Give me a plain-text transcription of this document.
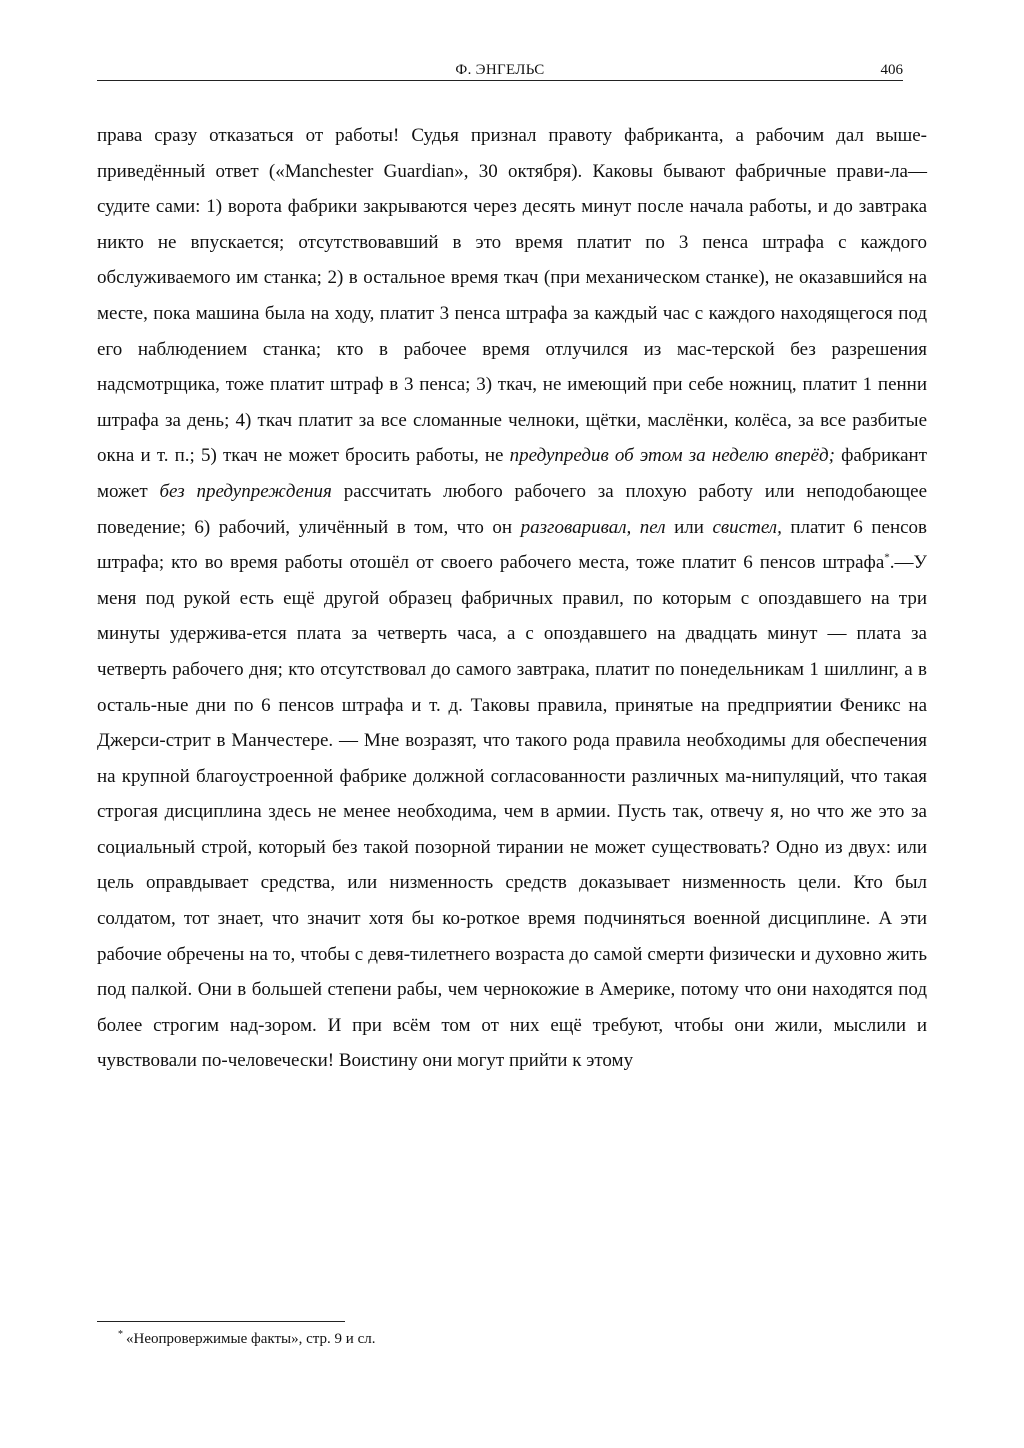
Ф. ЭНГЕЛЬС	406

права сразу отказаться от работы! Судья признал правоту фабриканта, а рабочим дал выше-приведённый ответ («Manchester Guardian», 30 октября). Каковы бывают фабричные прави-ла—судите сами: 1) ворота фабрики закрываются через десять минут после начала работы, и до завтрака никто не впускается; отсутствовавший в это время платит по 3 пенса штрафа с каждого обслуживаемого им станка; 2) в остальное время ткач (при механическом станке), не оказавшийся на месте, пока машина была на ходу, платит 3 пенса штрафа за каждый час с каждого находящегося под его наблюдением станка; кто в рабочее время отлучился из мас-терской без разрешения надсмотрщика, тоже платит штраф в 3 пенса; 3) ткач, не имеющий при себе ножниц, платит 1 пенни штрафа за день; 4) ткач платит за все сломанные челноки, щётки, маслёнки, колёса, за все разбитые окна и т. п.; 5) ткач не может бросить работы, не предупредив об этом за неделю вперёд; фабрикант может без предупреждения рассчитать любого рабочего за плохую работу или неподобающее поведение; 6) рабочий, уличённый в том, что он разговаривал, пел или свистел, платит 6 пенсов штрафа; кто во время работы отошёл от своего рабочего места, тоже платит 6 пенсов штрафа*.—У меня под рукой есть ещё другой образец фабричных правил, по которым с опоздавшего на три минуты удержива-ется плата за четверть часа, а с опоздавшего на двадцать минут — плата за четверть рабочего дня; кто отсутствовал до самого завтрака, платит по понедельникам 1 шиллинг, а в осталь-ные дни по 6 пенсов штрафа и т. д. Таковы правила, принятые на предприятии Феникс на Джерси-стрит в Манчестере. — Мне возразят, что такого рода правила необходимы для обеспечения на крупной благоустроенной фабрике должной согласованности различных ма-нипуляций, что такая строгая дисциплина здесь не менее необходима, чем в армии. Пусть так, отвечу я, но что же это за социальный строй, который без такой позорной тирании не может существовать? Одно из двух: или цель оправдывает средства, или низменность средств доказывает низменность цели. Кто был солдатом, тот знает, что значит хотя бы ко-роткое время подчиняться военной дисциплине. А эти рабочие обречены на то, чтобы с девя-тилетнего возраста до самой смерти физически и духовно жить под палкой. Они в большей степени рабы, чем чернокожие в Америке, потому что они находятся под более строгим над-зором. И при всём том от них ещё требуют, чтобы они жили, мыслили и чувствовали по-человечески! Воистину они могут прийти к этому

* «Неопровержимые факты», стр. 9 и сл.
